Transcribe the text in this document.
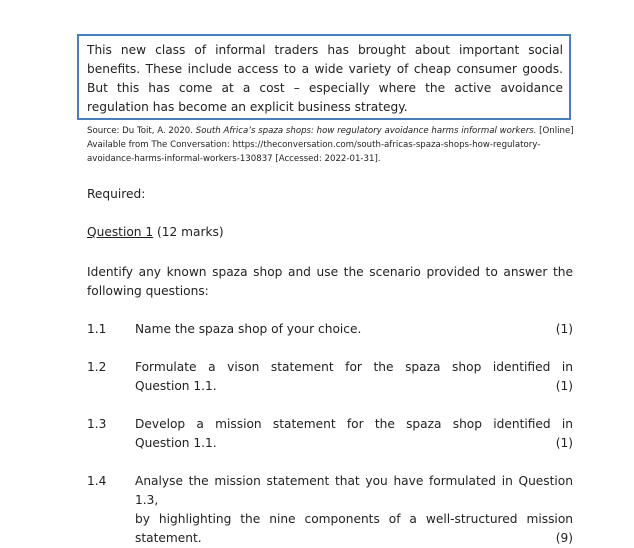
This new class of informal traders has brought about important social benefits. These include access to a wide variety of cheap consumer goods. But this has come at a cost – especially where the active avoidance regulation has become an explicit business strategy.
Source: Du Toit, A. 2020. South Africa’s spaza shops: how regulatory avoidance harms informal workers. [Online] Available from The Conversation: https://theconversation.com/south-africas-spaza-shops-how-regulatory-avoidance-harms-informal-workers-130837 [Accessed: 2022-01-31].
Required:
Question 1 (12 marks)
Identify any known spaza shop and use the scenario provided to answer the following questions:
1.1 Name the spaza shop of your choice.	(1)
1.2 Formulate a vison statement for the spaza shop identified in
Question 1.1.	(1)
1.3 Develop a mission statement for the spaza shop identified in
Question 1.1.	(1)
1.4 Analyse the mission statement that you have formulated in Question 1.3,
by highlighting the nine components of a well-structured mission
statement.	(9)
